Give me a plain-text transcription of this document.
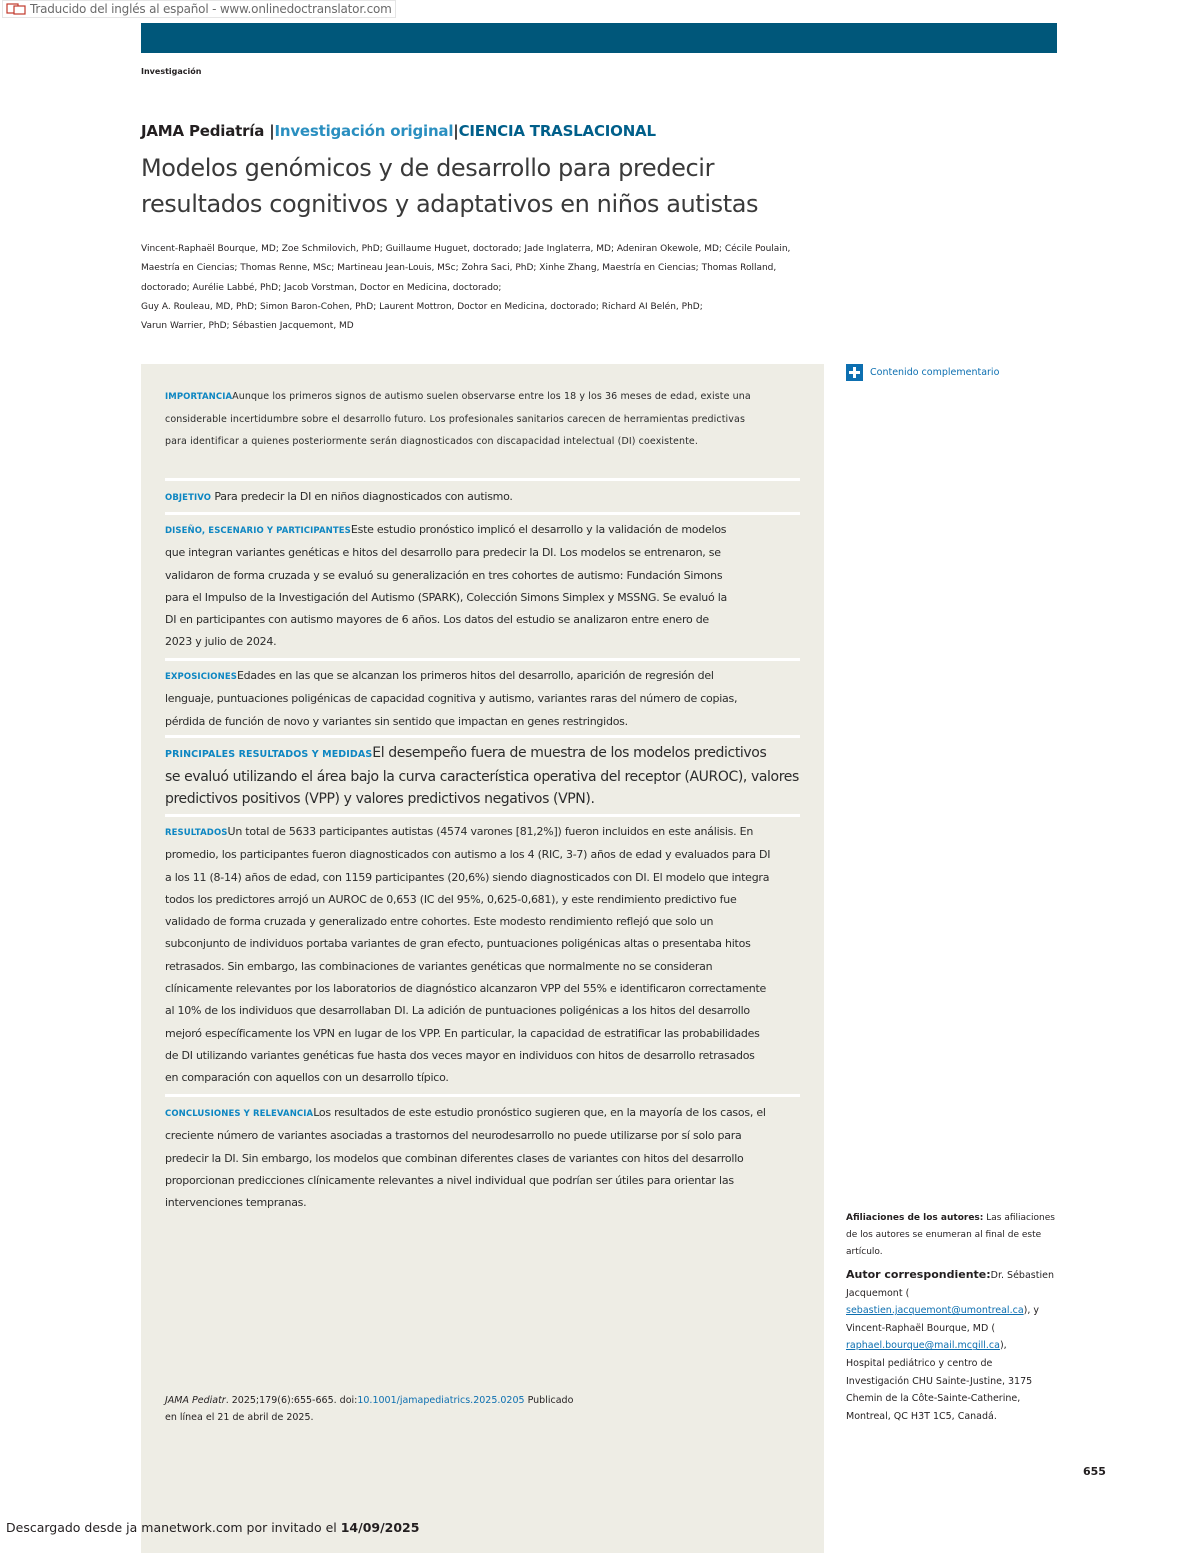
Traducido del inglés al español - www.onlinedoctranslator.com
Investigación
JAMA Pediatría |Investigación original|CIENCIA TRASLACIONAL
Modelos genómicos y de desarrollo para predecir
resultados cognitivos y adaptativos en niños autistas
Vincent-Raphaël Bourque, MD; Zoe Schmilovich, PhD; Guillaume Huguet, doctorado; Jade Inglaterra, MD; Adeniran Okewole, MD; Cécile Poulain,
Maestría en Ciencias; Thomas Renne, MSc; Martineau Jean-Louis, MSc; Zohra Saci, PhD; Xinhe Zhang, Maestría en Ciencias; Thomas Rolland,
doctorado; Aurélie Labbé, PhD; Jacob Vorstman, Doctor en Medicina, doctorado;
Guy A. Rouleau, MD, PhD; Simon Baron-Cohen, PhD; Laurent Mottron, Doctor en Medicina, doctorado; Richard AI Belén, PhD;
Varun Warrier, PhD; Sébastien Jacquemont, MD
IMPORTANCIAAunque los primeros signos de autismo suelen observarse entre los 18 y los 36 meses de edad, existe una
considerable incertidumbre sobre el desarrollo futuro. Los profesionales sanitarios carecen de herramientas predictivas
para identificar a quienes posteriormente serán diagnosticados con discapacidad intelectual (DI) coexistente.
OBJETIVO Para predecir la DI en niños diagnosticados con autismo.
DISEÑO, ESCENARIO Y PARTICIPANTESEste estudio pronóstico implicó el desarrollo y la validación de modelos
que integran variantes genéticas e hitos del desarrollo para predecir la DI. Los modelos se entrenaron, se
validaron de forma cruzada y se evaluó su generalización en tres cohortes de autismo: Fundación Simons
para el Impulso de la Investigación del Autismo (SPARK), Colección Simons Simplex y MSSNG. Se evaluó la
DI en participantes con autismo mayores de 6 años. Los datos del estudio se analizaron entre enero de
2023 y julio de 2024.
EXPOSICIONESEdades en las que se alcanzan los primeros hitos del desarrollo, aparición de regresión del
lenguaje, puntuaciones poligénicas de capacidad cognitiva y autismo, variantes raras del número de copias,
pérdida de función de novo y variantes sin sentido que impactan en genes restringidos.
PRINCIPALES RESULTADOS Y MEDIDASEl desempeño fuera de muestra de los modelos predictivos
se evaluó utilizando el área bajo la curva característica operativa del receptor (AUROC), valores
predictivos positivos (VPP) y valores predictivos negativos (VPN).
RESULTADOSUn total de 5633 participantes autistas (4574 varones [81,2%]) fueron incluidos en este análisis. En
promedio, los participantes fueron diagnosticados con autismo a los 4 (RIC, 3-7) años de edad y evaluados para DI
a los 11 (8-14) años de edad, con 1159 participantes (20,6%) siendo diagnosticados con DI. El modelo que integra
todos los predictores arrojó un AUROC de 0,653 (IC del 95%, 0,625-0,681), y este rendimiento predictivo fue
validado de forma cruzada y generalizado entre cohortes. Este modesto rendimiento reflejó que solo un
subconjunto de individuos portaba variantes de gran efecto, puntuaciones poligénicas altas o presentaba hitos
retrasados. Sin embargo, las combinaciones de variantes genéticas que normalmente no se consideran
clínicamente relevantes por los laboratorios de diagnóstico alcanzaron VPP del 55% e identificaron correctamente
al 10% de los individuos que desarrollaban DI. La adición de puntuaciones poligénicas a los hitos del desarrollo
mejoró específicamente los VPN en lugar de los VPP. En particular, la capacidad de estratificar las probabilidades
de DI utilizando variantes genéticas fue hasta dos veces mayor en individuos con hitos de desarrollo retrasados
en comparación con aquellos con un desarrollo típico.
CONCLUSIONES Y RELEVANCIALos resultados de este estudio pronóstico sugieren que, en la mayoría de los casos, el
creciente número de variantes asociadas a trastornos del neurodesarrollo no puede utilizarse por sí solo para
predecir la DI. Sin embargo, los modelos que combinan diferentes clases de variantes con hitos del desarrollo
proporcionan predicciones clínicamente relevantes a nivel individual que podrían ser útiles para orientar las
intervenciones tempranas.
JAMA Pediatr. 2025;179(6):655-665. doi:10.1001/jamapediatrics.2025.0205 Publicado
en línea el 21 de abril de 2025.
Contenido complementario
Afiliaciones de los autores: Las afiliaciones de los autores se enumeran al final de este artículo.
Autor correspondiente:Dr. Sébastien
Jacquemont (
sebastien.jacquemont@umontreal.ca), y
Vincent-Raphaël Bourque, MD (
raphael.bourque@mail.mcgill.ca),
Hospital pediátrico y centro de
Investigación CHU Sainte-Justine, 3175
Chemin de la Côte-Sainte-Catherine,
Montreal, QC H3T 1C5, Canadá.
655
Descargado desde ja manetwork.com por invitado el 14/09/2025
